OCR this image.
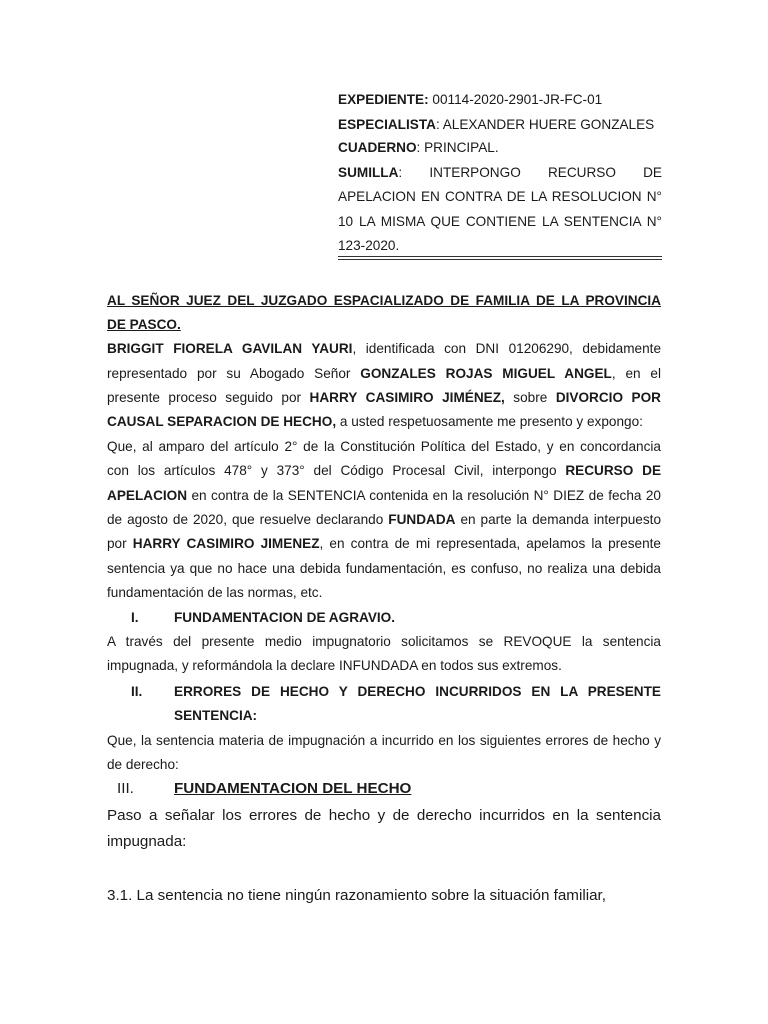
EXPEDIENTE: 00114-2020-2901-JR-FC-01
ESPECIALISTA: ALEXANDER HUERE GONZALES
CUADERNO: PRINCIPAL.
SUMILLA: INTERPONGO RECURSO DE
APELACION EN CONTRA DE LA RESOLUCION N°
10 LA MISMA QUE CONTIENE LA SENTENCIA N°
123-2020.
AL SEÑOR JUEZ DEL JUZGADO ESPACIALIZADO DE FAMILIA DE LA PROVINCIA
DE PASCO.
BRIGGIT FIORELA GAVILAN YAURI, identificada con DNI 01206290, debidamente
representado por su Abogado Señor GONZALES ROJAS MIGUEL ANGEL, en el
presente proceso seguido por HARRY CASIMIRO JIMÉNEZ, sobre DIVORCIO POR
CAUSAL SEPARACION DE HECHO, a usted respetuosamente me presento y expongo:
Que, al amparo del artículo 2° de la Constitución Política del Estado, y en concordancia
con los artículos 478° y 373° del Código Procesal Civil, interpongo RECURSO DE
APELACION en contra de la SENTENCIA contenida en la resolución N° DIEZ de fecha 20
de agosto de 2020, que resuelve declarando FUNDADA en parte la demanda interpuesto
por HARRY CASIMIRO JIMENEZ, en contra de mi representada, apelamos la presente
sentencia ya que no hace una debida fundamentación, es confuso, no realiza una debida
fundamentación de las normas, etc.
I.	FUNDAMENTACION DE AGRAVIO.
A través del presente medio impugnatorio solicitamos se REVOQUE la sentencia
impugnada, y reformándola la declare INFUNDADA en todos sus extremos.
II. ERRORES DE HECHO Y DERECHO INCURRIDOS EN LA PRESENTE
SENTENCIA:
Que, la sentencia materia de impugnación a incurrido en los siguientes errores de hecho y
de derecho:
III.	FUNDAMENTACION DEL HECHO
Paso a señalar los errores de hecho y de derecho incurridos en la sentencia
impugnada:
3.1. La sentencia no tiene ningún razonamiento sobre la situación familiar,
